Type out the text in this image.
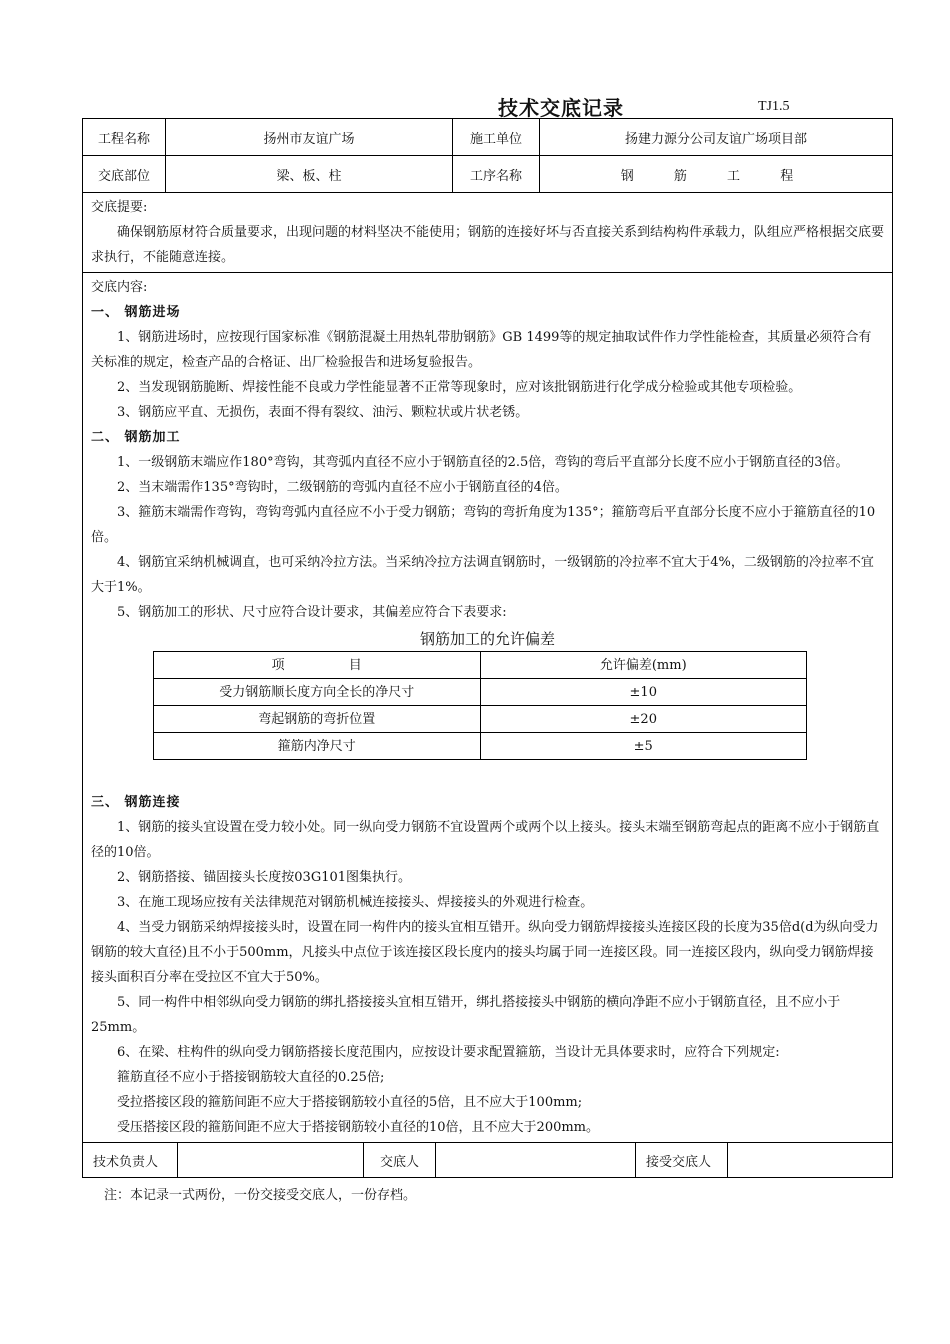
技术交底记录	TJ1.5
工程名称	扬州市友谊广场	施工单位	扬建力源分公司友谊广场项目部
交底部位	梁、板、柱	工序名称	钢 筋 工 程
交底提要:
确保钢筋原材符合质量要求，出现问题的材料坚决不能使用；钢筋的连接好坏与否直接关系到结构构件承载力，队组应严格根据交底要求执行，不能随意连接。
交底内容:
一、 钢筋进场
1、钢筋进场时，应按现行国家标准《钢筋混凝土用热轧带肋钢筋》GB 1499等的规定抽取试件作力学性能检查，其质量必须符合有关标准的规定，检查产品的合格证、出厂检验报告和进场复验报告。
2、当发现钢筋脆断、焊接性能不良或力学性能显著不正常等现象时，应对该批钢筋进行化学成分检验或其他专项检验。
3、钢筋应平直、无损伤，表面不得有裂纹、油污、颗粒状或片状老锈。
二、 钢筋加工
1、一级钢筋末端应作180°弯钩，其弯弧内直径不应小于钢筋直径的2.5倍，弯钩的弯后平直部分长度不应小于钢筋直径的3倍。
2、当末端需作135°弯钩时，二级钢筋的弯弧内直径不应小于钢筋直径的4倍。
3、箍筋末端需作弯钩，弯钩弯弧内直径应不小于受力钢筋；弯钩的弯折角度为135°；箍筋弯后平直部分长度不应小于箍筋直径的10倍。
4、钢筋宜采纳机械调直，也可采纳冷拉方法。当采纳冷拉方法调直钢筋时，一级钢筋的冷拉率不宜大于4%，二级钢筋的冷拉率不宜大于1%。
5、钢筋加工的形状、尺寸应符合设计要求，其偏差应符合下表要求:
钢筋加工的允许偏差
项 目	允许偏差(mm)
受力钢筋顺长度方向全长的净尺寸	±10
弯起钢筋的弯折位置	±20
箍筋内净尺寸	±5
三、 钢筋连接
1、钢筋的接头宜设置在受力较小处。同一纵向受力钢筋不宜设置两个或两个以上接头。接头末端至钢筋弯起点的距离不应小于钢筋直径的10倍。
2、钢筋搭接、锚固接头长度按03G101图集执行。
3、在施工现场应按有关法律规范对钢筋机械连接接头、焊接接头的外观进行检查。
4、当受力钢筋采纳焊接接头时，设置在同一构件内的接头宜相互错开。纵向受力钢筋焊接接头连接区段的长度为35倍d(d为纵向受力钢筋的较大直径)且不小于500mm，凡接头中点位于该连接区段长度内的接头均属于同一连接区段。同一连接区段内，纵向受力钢筋焊接接头面积百分率在受拉区不宜大于50%。
5、同一构件中相邻纵向受力钢筋的绑扎搭接接头宜相互错开，绑扎搭接接头中钢筋的横向净距不应小于钢筋直径，且不应小于25mm。
6、在梁、柱构件的纵向受力钢筋搭接长度范围内，应按设计要求配置箍筋，当设计无具体要求时，应符合下列规定:
箍筋直径不应小于搭接钢筋较大直径的0.25倍;
受拉搭接区段的箍筋间距不应大于搭接钢筋较小直径的5倍，且不应大于100mm;
受压搭接区段的箍筋间距不应大于搭接钢筋较小直径的10倍，且不应大于200mm。
技术负责人	交底人	接受交底人
注：本记录一式两份，一份交接受交底人，一份存档。
